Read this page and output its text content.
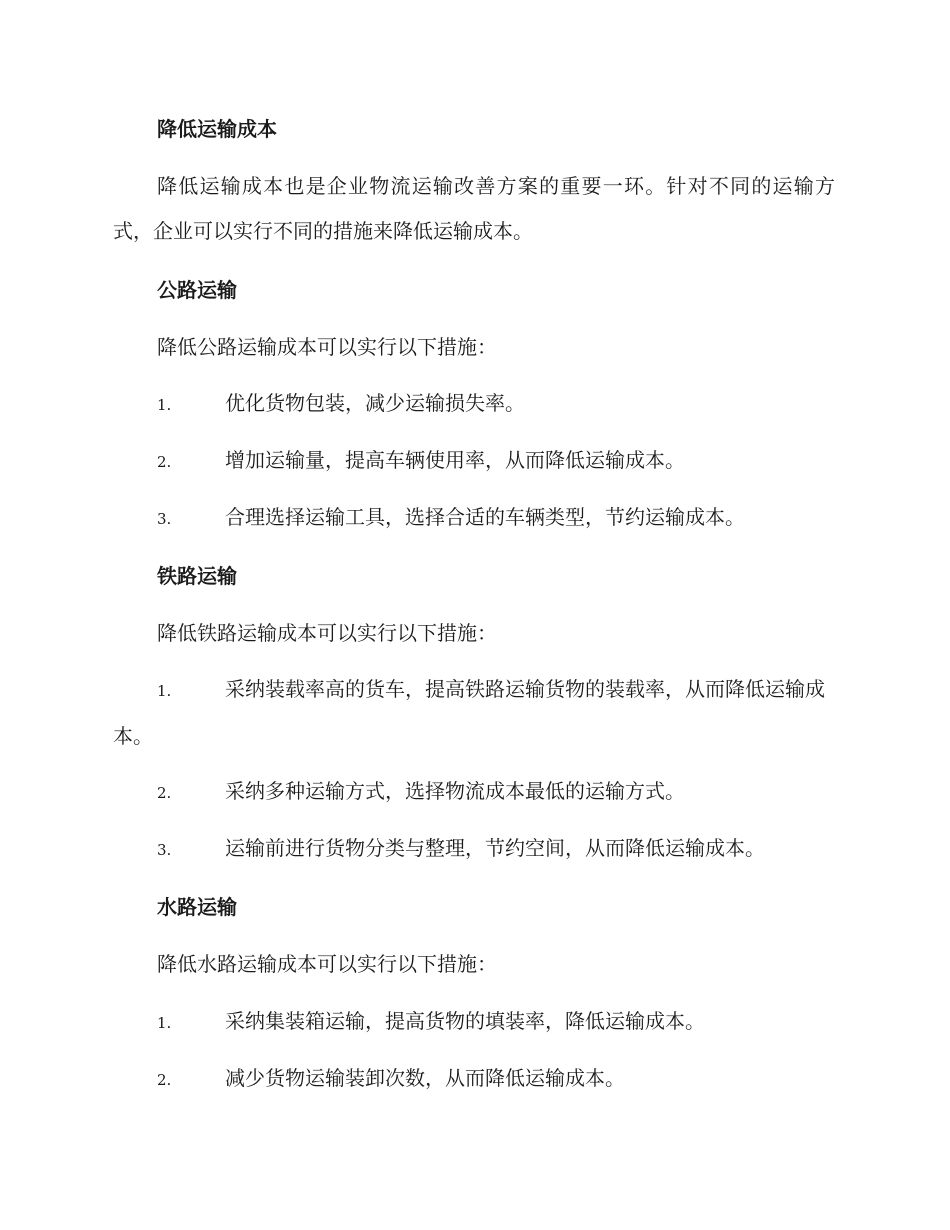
降低运输成本

降低运输成本也是企业物流运输改善方案的重要一环。针对不同的运输方式，企业可以实行不同的措施来降低运输成本。

公路运输
降低公路运输成本可以实行以下措施：

1.	优化货物包装，减少运输损失率。

2.	增加运输量，提高车辆使用率，从而降低运输成本。

3.	合理选择运输工具，选择合适的车辆类型，节约运输成本。

铁路运输
降低铁路运输成本可以实行以下措施：

1.	采纳装载率高的货车，提高铁路运输货物的装载率，从而降低运输成本。

2.	采纳多种运输方式，选择物流成本最低的运输方式。

3.	运输前进行货物分类与整理，节约空间，从而降低运输成本。

水路运输
降低水路运输成本可以实行以下措施：

1.	采纳集装箱运输，提高货物的填装率，降低运输成本。

2.	减少货物运输装卸次数，从而降低运输成本。
